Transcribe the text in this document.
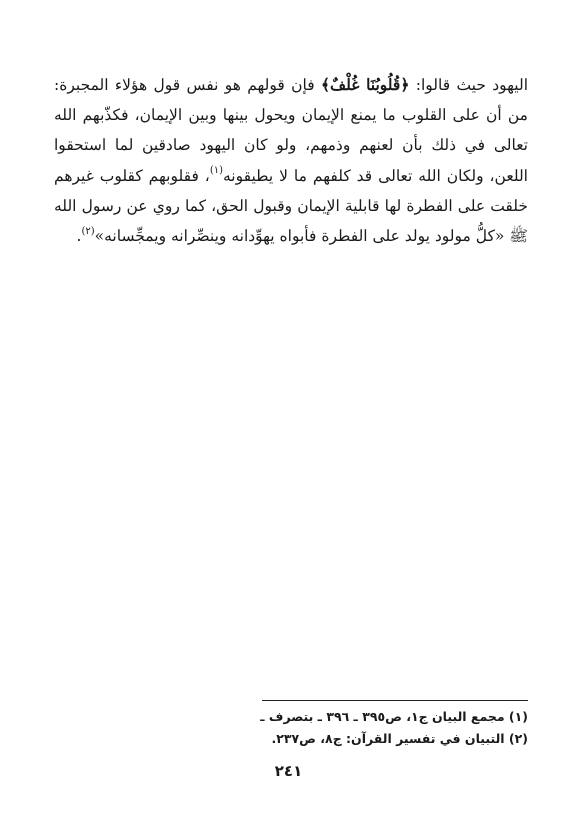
اليهود حيث قالوا: ﴿قُلُوبُنَا غُلْفٌ﴾ فإن قولهم هو نفس قول هؤلاء المجبرة: من أن على القلوب ما يمنع الإيمان ويحول بينها وبين الإيمان، فكذّبهم الله تعالى في ذلك بأن لعنهم وذمهم، ولو كان اليهود صادقين لما استحقوا اللعن، ولكان الله تعالى قد كلفهم ما لا يطيقونه$^{(١)}$، فقلوبهم كقلوب غيرهم خلقت على الفطرة لها قابلية الإيمان وقبول الحق، كما روي عن رسول الله ﷺ «كلُّ مولود يولد على الفطرة فأبواه يهوِّدانه وينصِّرانه ويمجِّسانه»$^{(٢)}$.

(١) مجمع البيان ج١، ص٣٩٥ ـ ٣٩٦ ـ بتصرف ـ
(٢) التبيان في تفسير القرآن: ج٨، ص٢٣٧.
٢٤١
